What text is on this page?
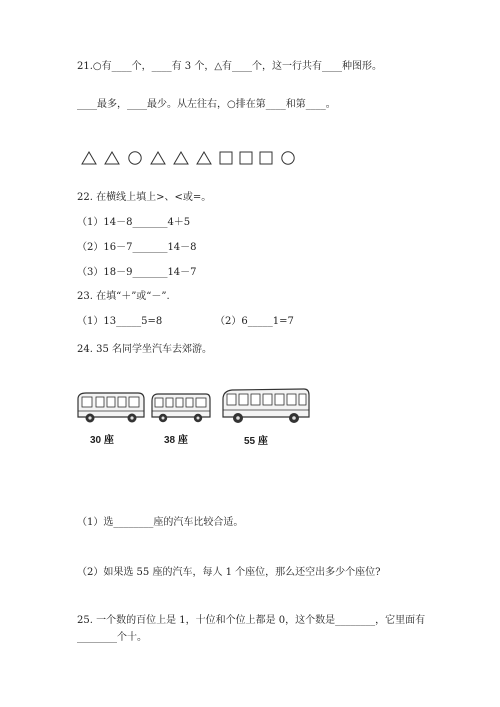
21.○有____个，____有 3 个，△有____个，这一行共有____种图形。
____最多，____最少。从左往右，○排在第____和第____。
22. 在横线上填上>、<或=。
（1）14－8_______4＋5
（2）16－7_______14－8
（3）18－9_______14－7
23. 在填“＋”或“－”.
（1）13_____5=8	（2）6_____1=7
24. 35 名同学坐汽车去郊游。
30 座	38 座	55 座
（1）选________座的汽车比较合适。
（2）如果选 55 座的汽车，每人 1 个座位，那么还空出多少个座位?
25. 一个数的百位上是 1，十位和个位上都是 0，这个数是________，它里面有
________个十。
